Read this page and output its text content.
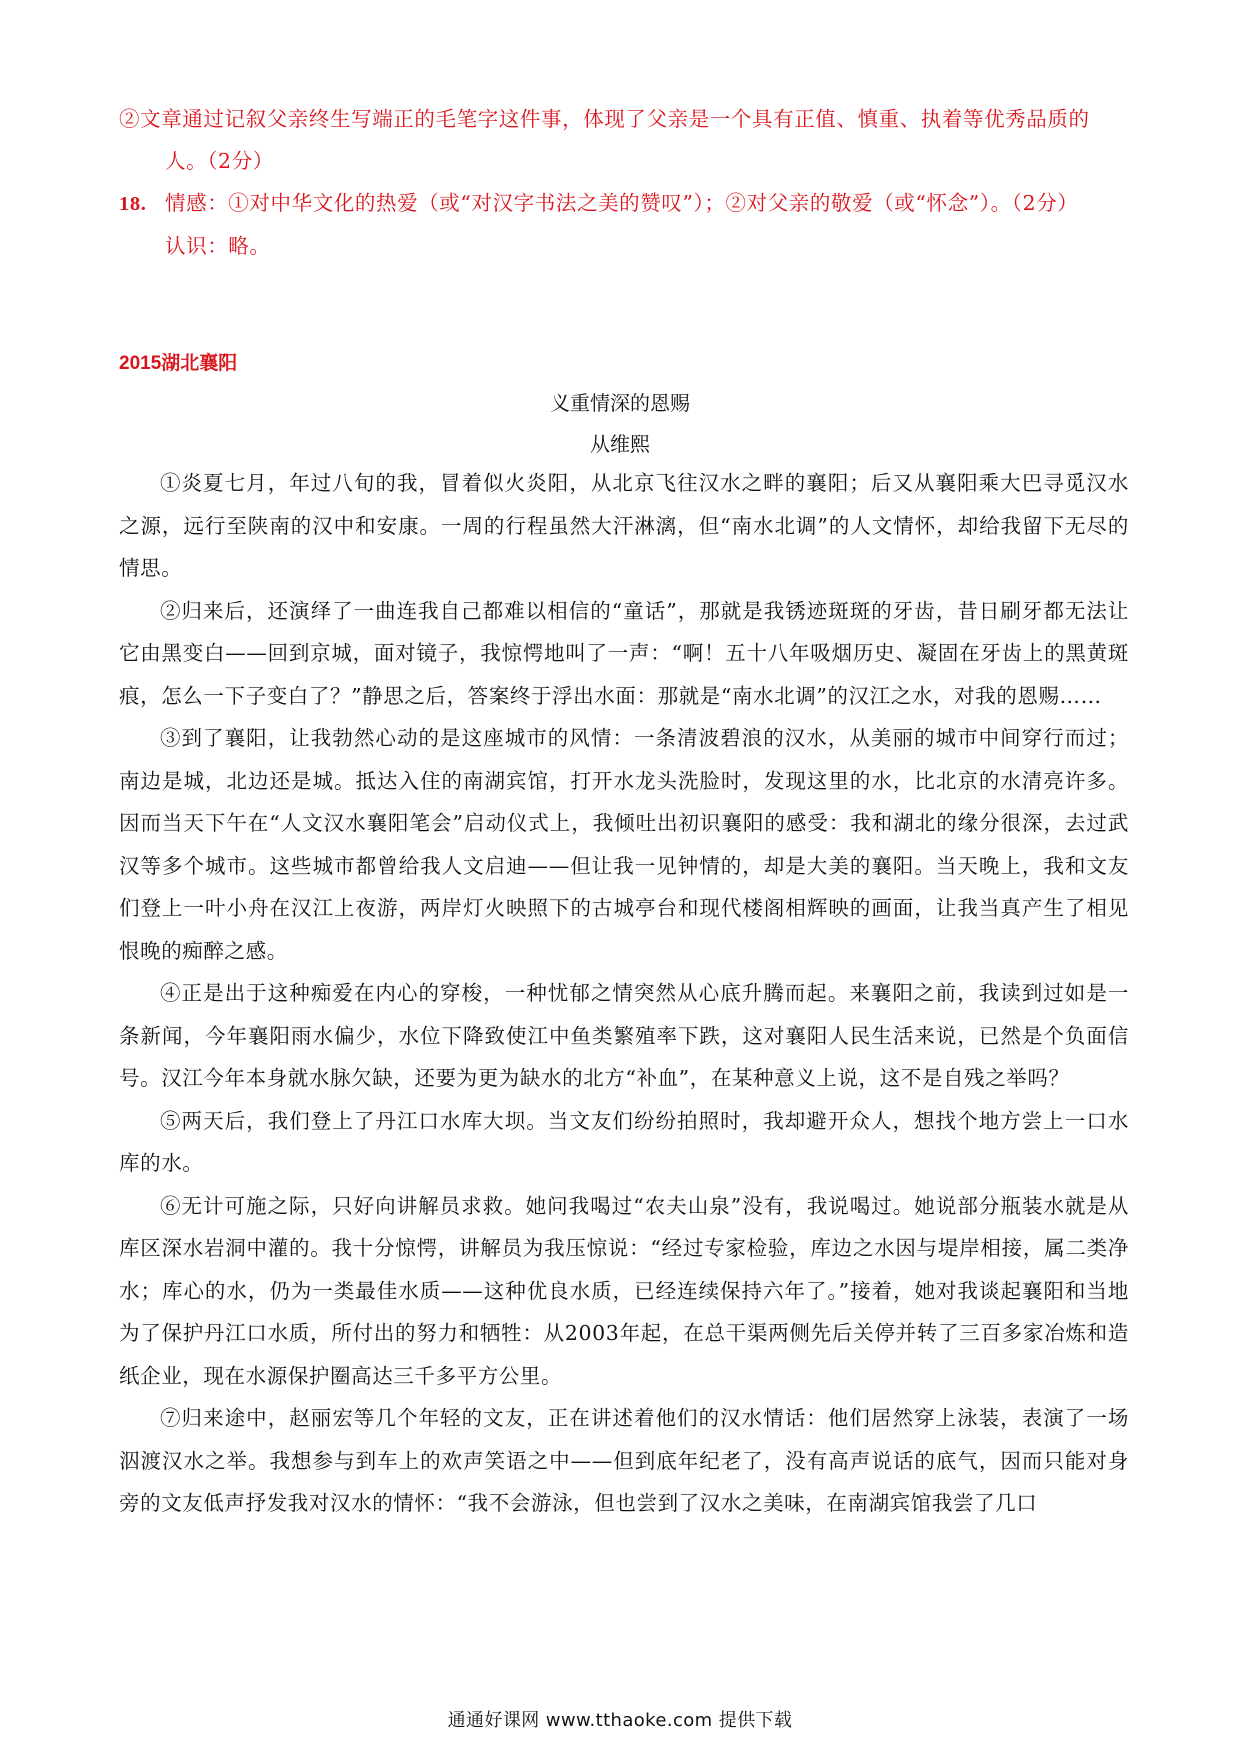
②文章通过记叙父亲终生写端正的毛笔字这件事，体现了父亲是一个具有正值、慎重、执着等优秀品质的
人。（2分）
18. 情感：①对中华文化的热爱（或“对汉字书法之美的赞叹”）；②对父亲的敬爱（或“怀念”）。（2分）
认识：略。
2015湖北襄阳
义重情深的恩赐
从维熙

①炎夏七月，年过八旬的我，冒着似火炎阳，从北京飞往汉水之畔的襄阳；后又从襄阳乘大巴寻觅汉水之源，远行至陕南的汉中和安康。一周的行程虽然大汗淋漓，但“南水北调”的人文情怀，却给我留下无尽的情思。

②归来后，还演绎了一曲连我自己都难以相信的“童话”，那就是我锈迹斑斑的牙齿，昔日刷牙都无法让它由黑变白——回到京城，面对镜子，我惊愕地叫了一声：“啊！五十八年吸烟历史、凝固在牙齿上的黑黄斑痕，怎么一下子变白了？”静思之后，答案终于浮出水面：那就是“南水北调”的汉江之水，对我的恩赐……

③到了襄阳，让我勃然心动的是这座城市的风情：一条清波碧浪的汉水，从美丽的城市中间穿行而过；南边是城，北边还是城。抵达入住的南湖宾馆，打开水龙头洗脸时，发现这里的水，比北京的水清亮许多。因而当天下午在“人文汉水襄阳笔会”启动仪式上，我倾吐出初识襄阳的感受：我和湖北的缘分很深，去过武汉等多个城市。这些城市都曾给我人文启迪——但让我一见钟情的，却是大美的襄阳。当天晚上，我和文友们登上一叶小舟在汉江上夜游，两岸灯火映照下的古城亭台和现代楼阁相辉映的画面，让我当真产生了相见恨晚的痴醉之感。

④正是出于这种痴爱在内心的穿梭，一种忧郁之情突然从心底升腾而起。来襄阳之前，我读到过如是一条新闻，今年襄阳雨水偏少，水位下降致使江中鱼类繁殖率下跌，这对襄阳人民生活来说，已然是个负面信号。汉江今年本身就水脉欠缺，还要为更为缺水的北方“补血”，在某种意义上说，这不是自残之举吗？

⑤两天后，我们登上了丹江口水库大坝。当文友们纷纷拍照时，我却避开众人，想找个地方尝上一口水库的水。

⑥无计可施之际，只好向讲解员求救。她问我喝过“农夫山泉”没有，我说喝过。她说部分瓶装水就是从库区深水岩洞中灌的。我十分惊愕，讲解员为我压惊说：“经过专家检验，库边之水因与堤岸相接，属二类净水；库心的水，仍为一类最佳水质——这种优良水质，已经连续保持六年了。”接着，她对我谈起襄阳和当地为了保护丹江口水质，所付出的努力和牺牲：从2003年起，在总干渠两侧先后关停并转了三百多家冶炼和造纸企业，现在水源保护圈高达三千多平方公里。

⑦归来途中，赵丽宏等几个年轻的文友，正在讲述着他们的汉水情话：他们居然穿上泳装，表演了一场泅渡汉水之举。我想参与到车上的欢声笑语之中——但到底年纪老了，没有高声说话的底气，因而只能对身旁的文友低声抒发我对汉水的情怀：“我不会游泳，但也尝到了汉水之美味，在南湖宾馆我尝了几口

通通好课网 www.tthaoke.com 提供下载
